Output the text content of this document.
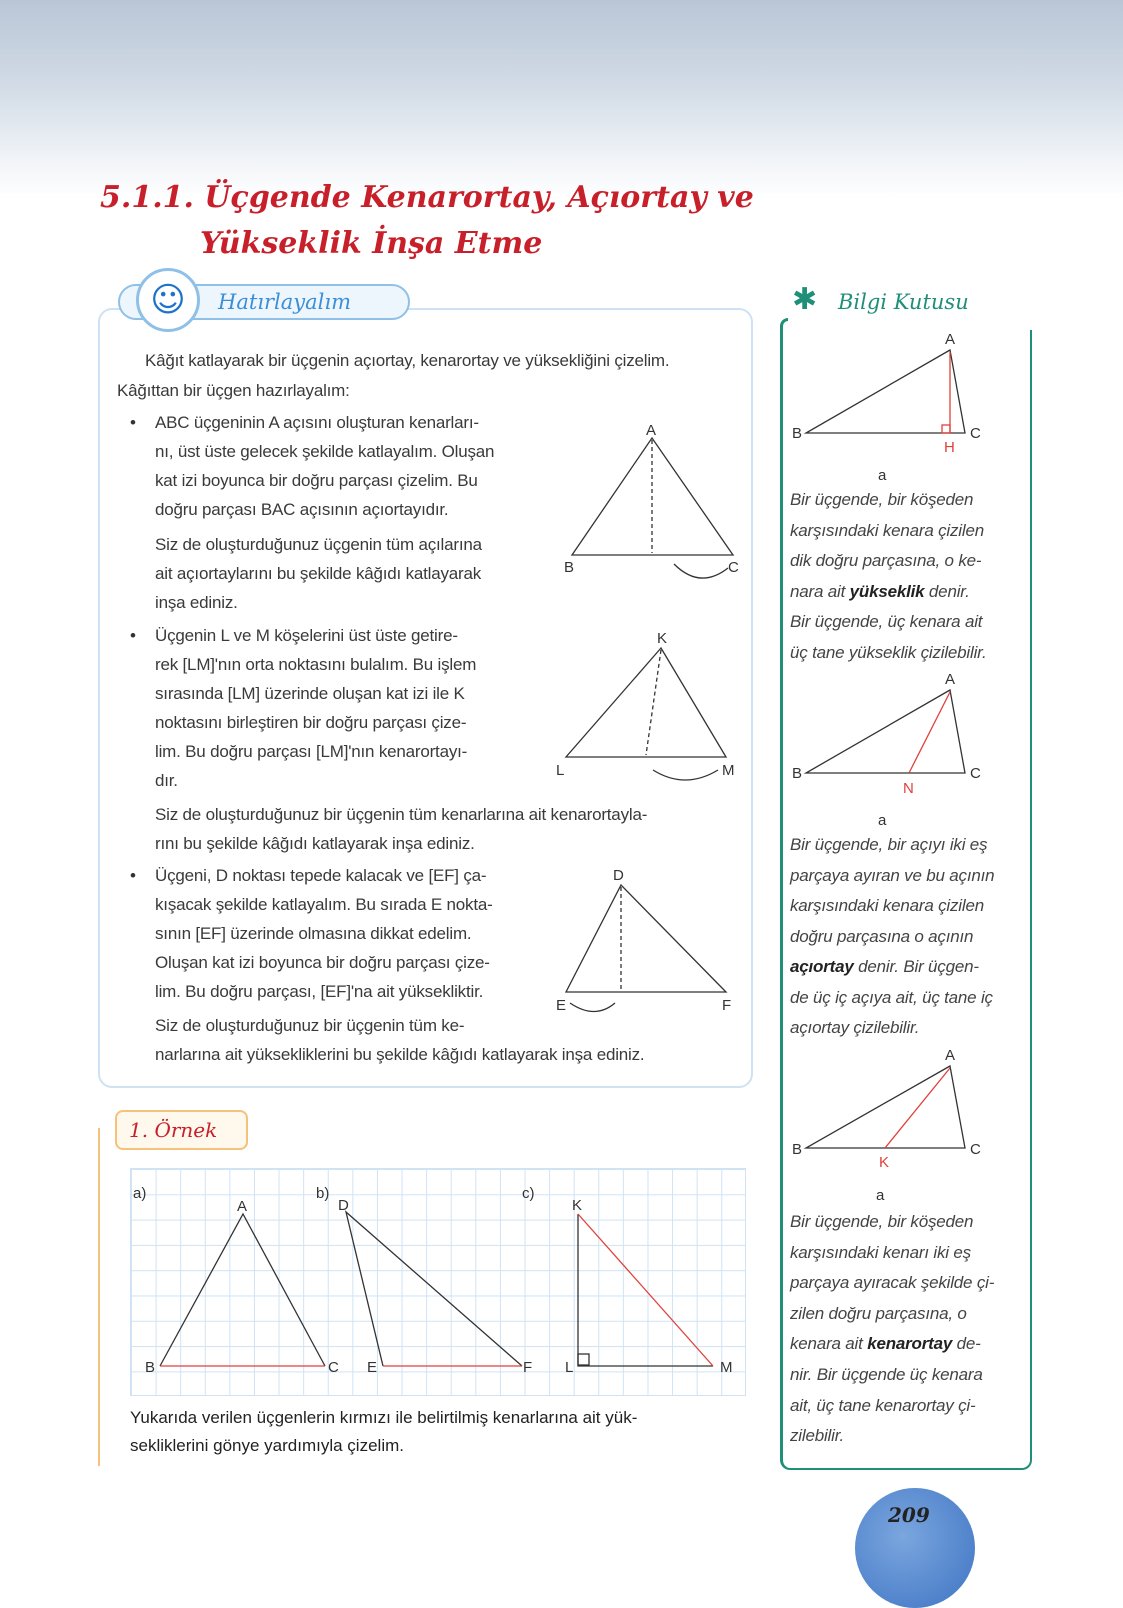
5.1.1. Üçgende Kenarortay, Açıortay ve
Yükseklik İnşa Etme
Hatırlayalım
☺
•
•
•
✱ Bilgi Kutusu
1. Örnek
Yukarıda verilen üçgenlerin kırmızı ile belirtilmiş kenarlarına ait yük-
sekliklerini gönye yardımıyla çizelim.
209
A
B	C
K
L	M
D
E	F
A
B	C
H
a
A
B	C
N
a
A
B	C
K
a
a)	b)	c)
A
B	C
D
E	F
K
L	M
Kâğıt katlayarak bir üçgenin açıortay, kenarortay ve yüksekliğini çizelim.
Kâğıttan bir üçgen hazırlayalım:
ABC üçgeninin A açısını oluşturan kenarları-
nı, üst üste gelecek şekilde katlayalım. Oluşan
kat izi boyunca bir doğru parçası çizelim. Bu
doğru parçası BAC açısının açıortayıdır.
Siz de oluşturduğunuz üçgenin tüm açılarına
ait açıortaylarını bu şekilde kâğıdı katlayarak
inşa ediniz.
Üçgenin L ve M köşelerini üst üste getire-
rek [LM]'nın orta noktasını bulalım. Bu işlem
sırasında [LM] üzerinde oluşan kat izi ile K
noktasını birleştiren bir doğru parçası çize-
lim. Bu doğru parçası [LM]'nın kenarortayı-
dır.
Siz de oluşturduğunuz bir üçgenin tüm kenarlarına ait kenarortayla-
rını bu şekilde kâğıdı katlayarak inşa ediniz.
Üçgeni, D noktası tepede kalacak ve [EF] ça-
kışacak şekilde katlayalım. Bu sırada E nokta-
sının [EF] üzerinde olmasına dikkat edelim.
Oluşan kat izi boyunca bir doğru parçası çize-
lim. Bu doğru parçası, [EF]'na ait yüksekliktir.
Siz de oluşturduğunuz bir üçgenin tüm ke-
narlarına ait yüksekliklerini bu şekilde kâğıdı katlayarak inşa ediniz.
Bir üçgende, bir köşeden
karşısındaki kenara çizilen
dik doğru parçasına, o ke-
nara ait yükseklik denir.
Bir üçgende, üç kenara ait
üç tane yükseklik çizilebilir.
Bir üçgende, bir açıyı iki eş
parçaya ayıran ve bu açının
karşısındaki kenara çizilen
doğru parçasına o açının
açıortay denir. Bir üçgen-
de üç iç açıya ait, üç tane iç
açıortay çizilebilir.
Bir üçgende, bir köşeden
karşısındaki kenarı iki eş
parçaya ayıracak şekilde çi-
zilen doğru parçasına, o
kenara ait kenarortay de-
nir. Bir üçgende üç kenara
ait, üç tane kenarortay çi-
zilebilir.
